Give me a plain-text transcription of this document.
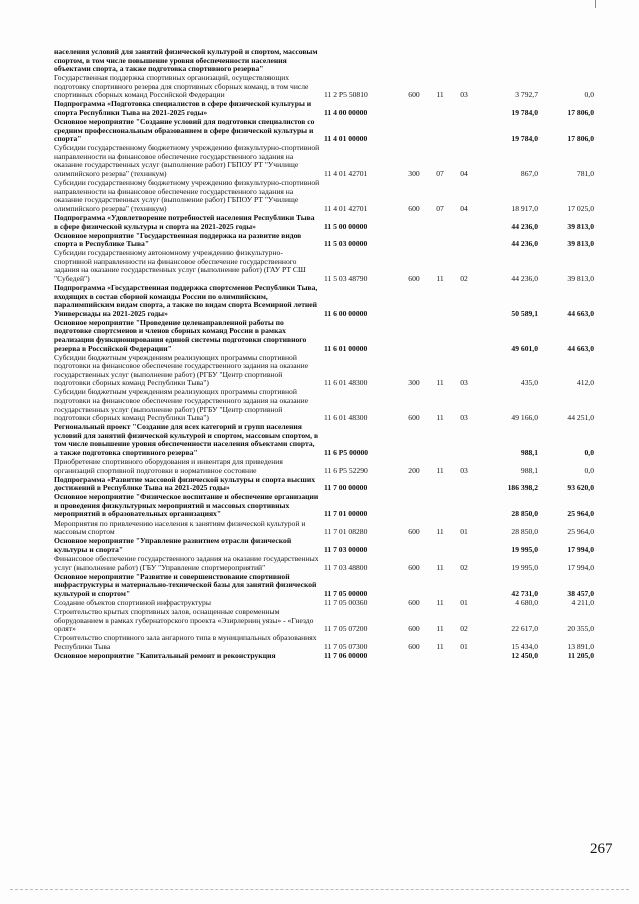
населения условий для занятий физической культурой и спортом, массовым спортом, в том числе повышение уровня обеспеченности населения объектами спорта, а также подготовка спортивного резерва"
Государственная поддержка спортивных организаций, осуществляющих подготовку спортивного резерва для спортивных сборных команд, в том числе спортивных сборных команд Российской Федерации	11 2 P5 50810	600	11	03	3 792,7	0,0
Подпрограмма «Подготовка специалистов в сфере физической культуры и спорта Республики Тыва на 2021-2025 годы»	11 4 00 00000	19 784,0	17 806,0
Основное мероприятие "Создание условий для подготовки специалистов со средним профессиональным образованием в сфере физической культуры и спорта"	11 4 01 00000	19 784,0	17 806,0
Субсидии государственному бюджетному учреждению физкультурно-спортивной направленности на финансовое обеспечение государственного задания на оказание государственных услуг (выполнение работ) ГБПОУ РТ "Училище олимпийского резерва" (техникум)	11 4 01 42701	300	07	04	867,0	781,0
Субсидии государственному бюджетному учреждению физкультурно-спортивной направленности на финансовое обеспечение государственного задания на оказание государственных услуг (выполнение работ) ГБПОУ РТ "Училище олимпийского резерва" (техникум)	11 4 01 42701	600	07	04	18 917,0	17 025,0
Подпрограмма «Удовлетворение потребностей населения Республики Тыва в сфере физической культуры и спорта на 2021-2025 годы»	11 5 00 00000	44 236,0	39 813,0
Основное мероприятие "Государственная поддержка на развитие видов спорта в Республике Тыва"	11 5 03 00000	44 236,0	39 813,0
Субсидии государственному автономному учреждению физкультурно-спортивной направленности на финансовое обеспечение государственного задания на оказание государственных услуг (выполнение работ) (ГАУ РТ СШ "Субедей")	11 5 03 48790	600	11	02	44 236,0	39 813,0
Подпрограмма «Государственная поддержка спортсменов Республики Тыва, входящих в состав сборной команды России по олимпийским, паралимпийским видам спорта, а также по видам спорта Всемирной летней Универсиады на 2021-2025 годы»	11 6 00 00000	50 589,1	44 663,0
Основное мероприятие "Проведение целенаправленной работы по подготовке спортсменов и членов сборных команд России в рамках реализации функционирования единой системы подготовки спортивного резерва в Российской Федерации"	11 6 01 00000	49 601,0	44 663,0
Субсидии бюджетным учреждениям реализующих программы спортивной подготовки на финансовое обеспечение государственного задания на оказание государственных услуг (выполнение работ) (РГБУ "Центр спортивной подготовки сборных команд Республики Тыва")	11 6 01 48300	300	11	03	435,0	412,0
Субсидии бюджетным учреждениям реализующих программы спортивной подготовки на финансовое обеспечение государственного задания на оказание государственных услуг (выполнение работ) (РГБУ "Центр спортивной подготовки сборных команд Республики Тыва")	11 6 01 48300	600	11	03	49 166,0	44 251,0
Региональный проект "Создание для всех категорий и групп населения условий для занятий физической культурой и спортом, массовым спортом, в том числе повышение уровня обеспеченности населения объектами спорта, а также подготовка спортивного резерва"	11 6 P5 00000	988,1	0,0
Приобретение спортивного оборудования и инвентаря для приведения организаций спортивной подготовки в нормативное состояние	11 6 P5 52290	200	11	03	988,1	0,0
Подпрограмма «Развитие массовой физической культуры и спорта высших достижений в Республике Тыва на 2021-2025 годы»	11 7 00 00000	186 398,2	93 620,0
Основное мероприятие "Физическое воспитание и обеспечение организации и проведения физкультурных мероприятий и массовых спортивных мероприятий в образовательных организациях"	11 7 01 00000	28 850,0	25 964,0
Мероприятия по привлечению населения к занятиям физической культурой и массовым спортом	11 7 01 08280	600	11	01	28 850,0	25 964,0
Основное мероприятие "Управление развитием отрасли физической культуры и спорта"	11 7 03 00000	19 995,0	17 994,0
Финансовое обеспечение государственного задания на оказание государственных услуг (выполнение работ) (ГБУ "Управление спортмероприятий"	11 7 03 48800	600	11	02	19 995,0	17 994,0
Основное мероприятие "Развитие и совершенствование спортивной инфраструктуры и материально-технической базы для занятий физической культурой и спортом"	11 7 05 00000	42 731,0	38 457,0
Создание объектов спортивной инфраструктуры	11 7 05 00360	600	11	01	4 680,0	4 211,0
Строительство крытых спортивных залов, оснащенные современным оборудованием в рамках губернаторского проекта «Эзирлерниң уязы» - «Гнездо орлят»	11 7 05 07200	600	11	02	22 617,0	20 355,0
Строительство спортивного зала ангарного типа в муниципальных образованиях Республики Тыва	11 7 05 07300	600	11	01	15 434,0	13 891,0
Основное мероприятие "Капитальный ремонт и реконструкция	11 7 06 00000	12 450,0	11 205,0
267
